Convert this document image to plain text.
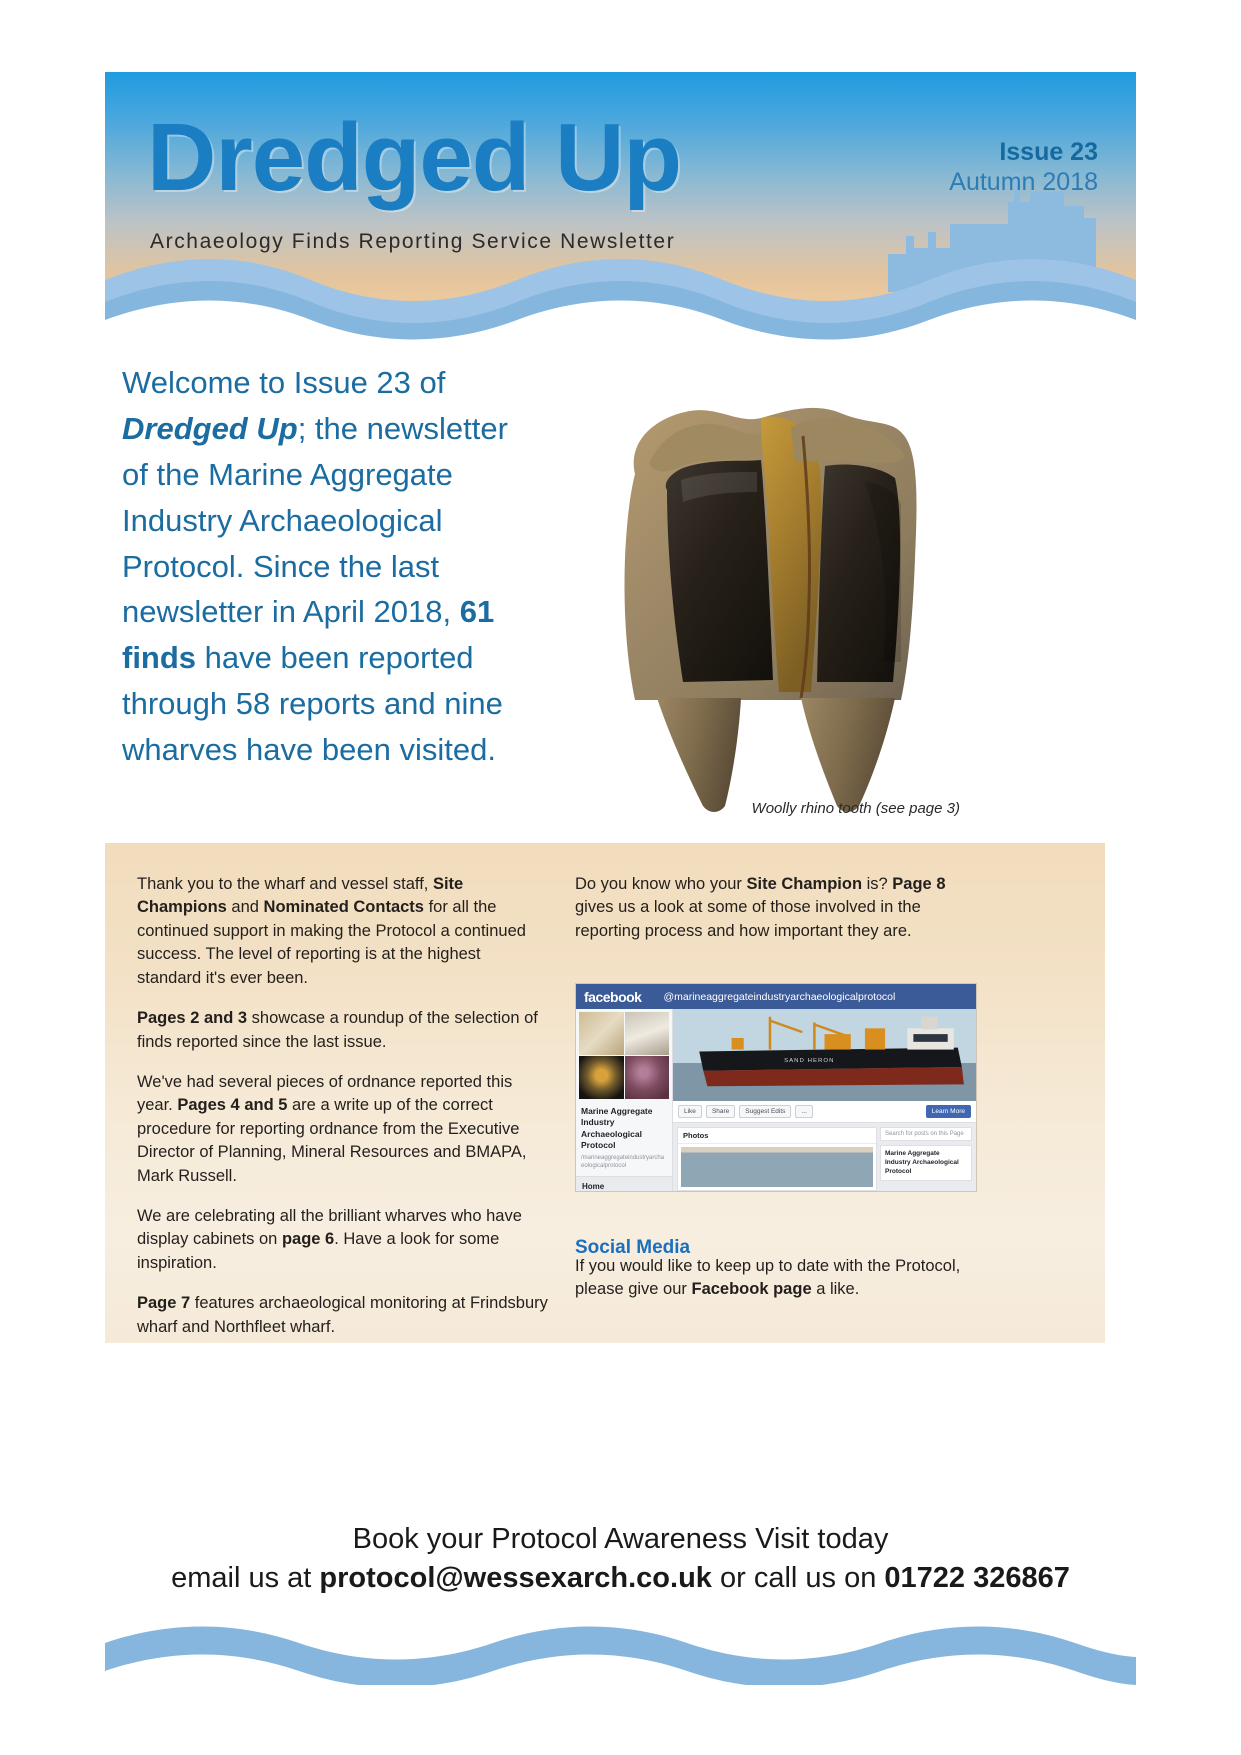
Dredged Up
Archaeology Finds Reporting Service Newsletter
Issue 23
Autumn 2018
Welcome to Issue 23 of Dredged Up; the newsletter of the Marine Aggregate Industry Archaeological Protocol. Since the last newsletter in April 2018, 61 finds have been reported through 58 reports and nine wharves have been visited.
Woolly rhino tooth (see page 3)

Thank you to the wharf and vessel staff, Site Champions and Nominated Contacts for all the continued support in making the Protocol a continued success. The level of reporting is at the highest standard it's ever been.

Pages 2 and 3 showcase a roundup of the selection of finds reported since the last issue.

We've had several pieces of ordnance reported this year. Pages 4 and 5 are a write up of the correct procedure for reporting ordnance from the Executive Director of Planning, Mineral Resources and BMAPA, Mark Russell.

We are celebrating all the brilliant wharves who have display cabinets on page 6. Have a look for some inspiration.

Page 7 features archaeological monitoring at Frindsbury wharf and Northfleet wharf.

Do you know who your Site Champion is? Page 8 gives us a look at some of those involved in the reporting process and how important they are.

facebook @marineaggregateindustryarchaeologicalprotocol
Marine Aggregate Industry Archaeological Protocol
/marineaggregateindustryarchaeologicalprotocol
Home
SAND HERON
Like	Share	Suggest Edits	...	Learn More
Photos	Search for posts on this Page
Marine Aggregate Industry Archaeological Protocol
Social Media

If you would like to keep up to date with the Protocol, please give our Facebook page a like.

Book your Protocol Awareness Visit today
email us at protocol@wessexarch.co.uk or call us on 01722 326867
